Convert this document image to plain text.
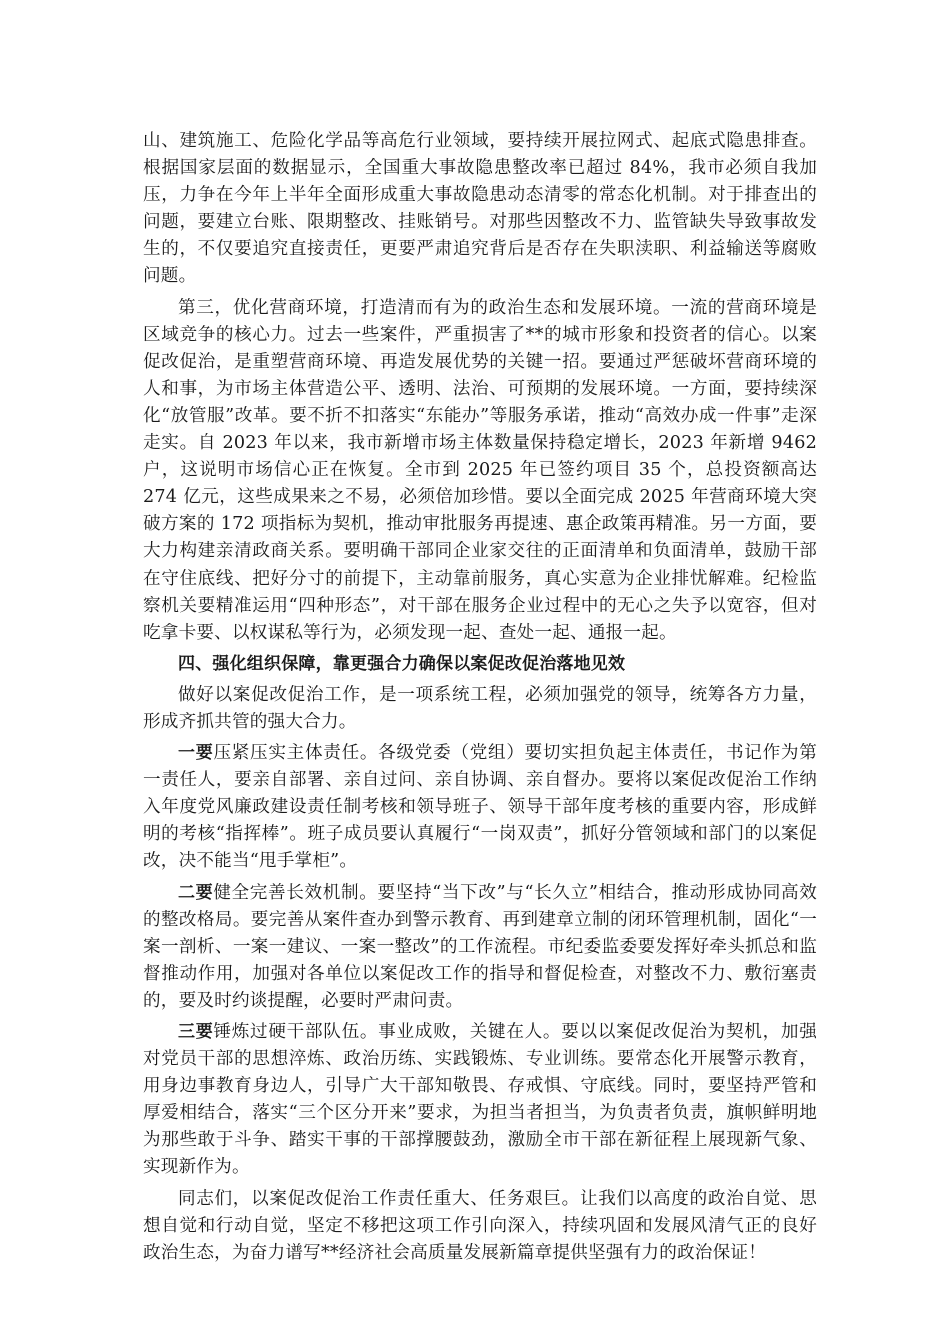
山、建筑施工、危险化学品等高危行业领域，要持续开展拉网式、起底式隐患排查。根据国家层面的数据显示，全国重大事故隐患整改率已超过 84%，我市必须自我加压，力争在今年上半年全面形成重大事故隐患动态清零的常态化机制。对于排查出的问题，要建立台账、限期整改、挂账销号。对那些因整改不力、监管缺失导致事故发生的，不仅要追究直接责任，更要严肃追究背后是否存在失职渎职、利益输送等腐败问题。

第三，优化营商环境，打造清而有为的政治生态和发展环境。一流的营商环境是区域竞争的核心力。过去一些案件，严重损害了**的城市形象和投资者的信心。以案促改促治，是重塑营商环境、再造发展优势的关键一招。要通过严惩破坏营商环境的人和事，为市场主体营造公平、透明、法治、可预期的发展环境。一方面，要持续深化“放管服”改革。要不折不扣落实“东能办”等服务承诺，推动“高效办成一件事”走深走实。自 2023 年以来，我市新增市场主体数量保持稳定增长，2023 年新增 9462 户，这说明市场信心正在恢复。全市到 2025 年已签约项目 35 个，总投资额高达 274 亿元，这些成果来之不易，必须倍加珍惜。要以全面完成 2025 年营商环境大突破方案的 172 项指标为契机，推动审批服务再提速、惠企政策再精准。另一方面，要大力构建亲清政商关系。要明确干部同企业家交往的正面清单和负面清单，鼓励干部在守住底线、把好分寸的前提下，主动靠前服务，真心实意为企业排忧解难。纪检监察机关要精准运用“四种形态”，对干部在服务企业过程中的无心之失予以宽容，但对吃拿卡要、以权谋私等行为，必须发现一起、查处一起、通报一起。

四、强化组织保障，靠更强合力确保以案促改促治落地见效

做好以案促改促治工作，是一项系统工程，必须加强党的领导，统筹各方力量，形成齐抓共管的强大合力。

一要压紧压实主体责任。各级党委（党组）要切实担负起主体责任，书记作为第一责任人，要亲自部署、亲自过问、亲自协调、亲自督办。要将以案促改促治工作纳入年度党风廉政建设责任制考核和领导班子、领导干部年度考核的重要内容，形成鲜明的考核“指挥棒”。班子成员要认真履行“一岗双责”，抓好分管领域和部门的以案促改，决不能当“甩手掌柜”。

二要健全完善长效机制。要坚持“当下改”与“长久立”相结合，推动形成协同高效的整改格局。要完善从案件查办到警示教育、再到建章立制的闭环管理机制，固化“一案一剖析、一案一建议、一案一整改”的工作流程。市纪委监委要发挥好牵头抓总和监督推动作用，加强对各单位以案促改工作的指导和督促检查，对整改不力、敷衍塞责的，要及时约谈提醒，必要时严肃问责。

三要锤炼过硬干部队伍。事业成败，关键在人。要以以案促改促治为契机，加强对党员干部的思想淬炼、政治历练、实践锻炼、专业训练。要常态化开展警示教育，用身边事教育身边人，引导广大干部知敬畏、存戒惧、守底线。同时，要坚持严管和厚爱相结合，落实“三个区分开来”要求，为担当者担当，为负责者负责，旗帜鲜明地为那些敢于斗争、踏实干事的干部撑腰鼓劲，激励全市干部在新征程上展现新气象、实现新作为。

同志们，以案促改促治工作责任重大、任务艰巨。让我们以高度的政治自觉、思想自觉和行动自觉，坚定不移把这项工作引向深入，持续巩固和发展风清气正的良好政治生态，为奋力谱写**经济社会高质量发展新篇章提供坚强有力的政治保证！
